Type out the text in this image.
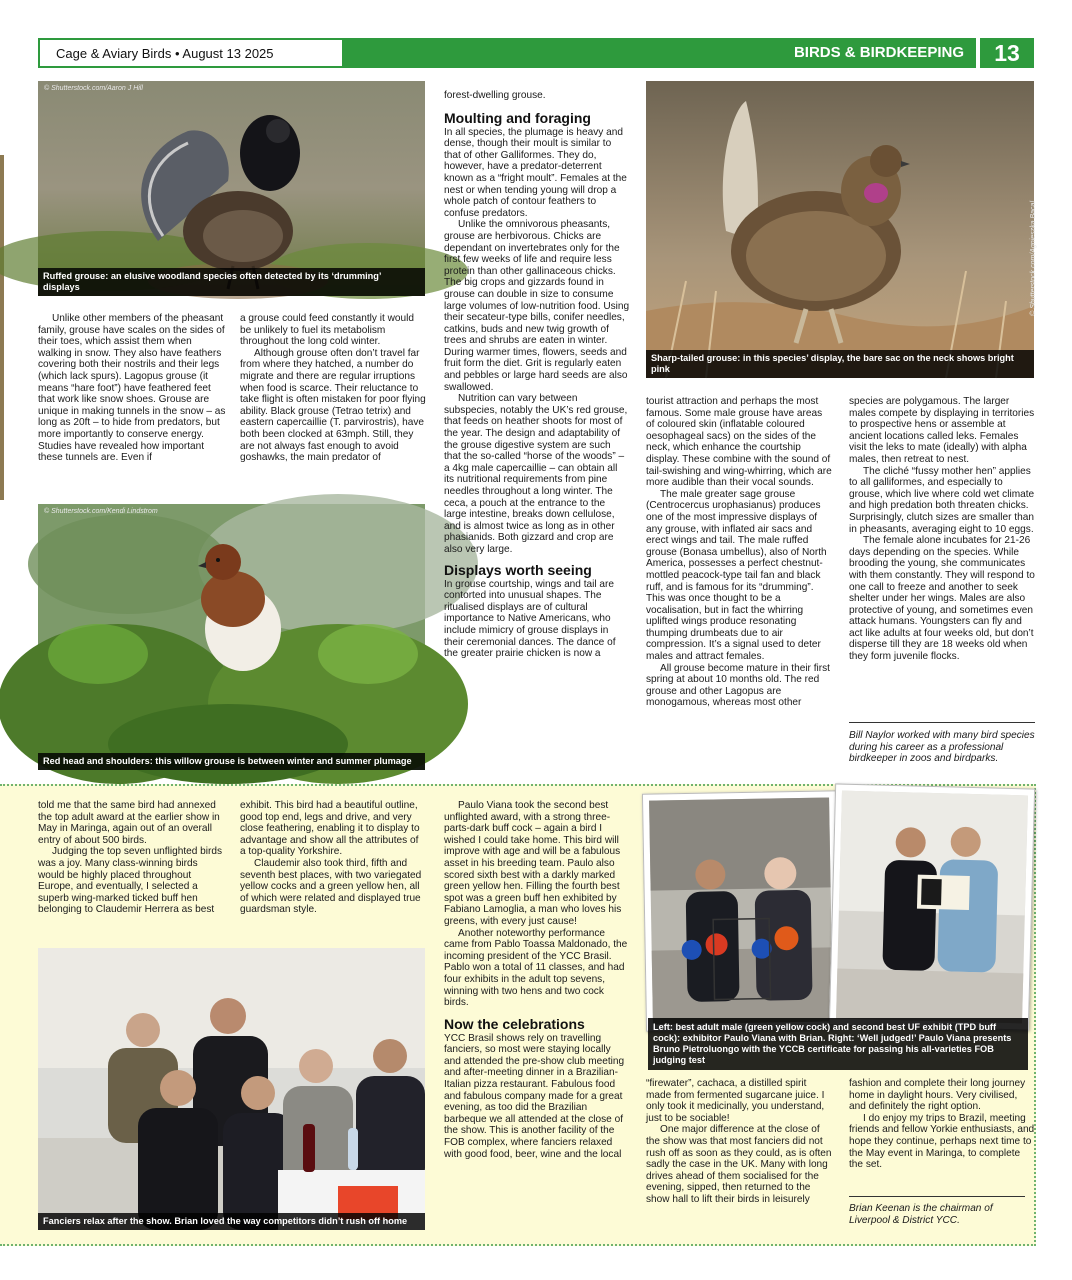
Cage & Aviary Birds • August 13 2025	BIRDS & BIRDKEEPING	13
© Shutterstock.com/Aaron J Hill
Ruffed grouse: an elusive woodland species often detected by its ‘drumming’ displays
© Shutterstock.com/Kendi Lindstrom
Red head and shoulders: this willow grouse is between winter and summer plumage
© Shutterstock.com/Agnieszka Bacal
Sharp-tailed grouse: in this species’ display, the bare sac on the neck shows bright pink

Unlike other members of the pheasant family, grouse have scales on the sides of their toes, which assist them when walking in snow. They also have feathers covering both their nostrils and their legs (which lack spurs). Lagopus grouse (it means “hare foot”) have feathered feet that work like snow shoes. Grouse are unique in making tunnels in the snow – as long as 20ft – to hide from predators, but more importantly to conserve energy. Studies have revealed how important these tunnels are. Even if

a grouse could feed constantly it would be unlikely to fuel its metabolism throughout the long cold winter.

Although grouse often don’t travel far from where they hatched, a number do migrate and there are regular irruptions when food is scarce. Their reluctance to take flight is often mistaken for poor flying ability. Black grouse (Tetrao tetrix) and eastern capercaillie (T. parvirostris), have both been clocked at 63mph. Still, they are not always fast enough to avoid goshawks, the main predator of

forest-dwelling grouse.

Moulting and foraging

In all species, the plumage is heavy and dense, though their moult is similar to that of other Galliformes. They do, however, have a predator-deterrent known as a “fright moult”. Females at the nest or when tending young will drop a whole patch of contour feathers to confuse predators.

Unlike the omnivorous pheasants, grouse are herbivorous. Chicks are dependant on invertebrates only for the first few weeks of life and require less protein than other gallinaceous chicks. The big crops and gizzards found in grouse can double in size to consume large volumes of low-nutrition food. Using their secateur-type bills, conifer needles, catkins, buds and new twig growth of trees and shrubs are eaten in winter. During warmer times, flowers, seeds and fruit form the diet. Grit is regularly eaten and pebbles or large hard seeds are also swallowed.

Nutrition can vary between subspecies, notably the UK’s red grouse, that feeds on heather shoots for most of the year. The design and adaptability of the grouse digestive system are such that the so-called “horse of the woods” – a 4kg male capercaillie – can obtain all its nutritional requirements from pine needles throughout a long winter. The ceca, a pouch at the entrance to the large intestine, breaks down cellulose, and is almost twice as long as in other phasianids. Both gizzard and crop are also very large.

Displays worth seeing

In grouse courtship, wings and tail are contorted into unusual shapes. The ritualised displays are of cultural importance to Native Americans, who include mimicry of grouse displays in their ceremonial dances. The dance of the greater prairie chicken is now a

tourist attraction and perhaps the most famous. Some male grouse have areas of coloured skin (inflatable coloured oesophageal sacs) on the sides of the neck, which enhance the courtship display. These combine with the sound of tail-swishing and wing-whirring, which are more audible than their vocal sounds.

The male greater sage grouse (Centrocercus urophasianus) produces one of the most impressive displays of any grouse, with inflated air sacs and erect wings and tail. The male ruffed grouse (Bonasa umbellus), also of North America, possesses a perfect chestnut-mottled peacock-type tail fan and black ruff, and is famous for its “drumming”. This was once thought to be a vocalisation, but in fact the whirring uplifted wings produce resonating thumping drumbeats due to air compression. It’s a signal used to deter males and attract females.

All grouse become mature in their first spring at about 10 months old. The red grouse and other Lagopus are monogamous, whereas most other

species are polygamous. The larger males compete by displaying in territories to prospective hens or assemble at ancient locations called leks. Females visit the leks to mate (ideally) with alpha males, then retreat to nest.

The cliché “fussy mother hen” applies to all galliformes, and especially to grouse, which live where cold wet climate and high predation both threaten chicks. Surprisingly, clutch sizes are smaller than in pheasants, averaging eight to 10 eggs.

The female alone incubates for 21-26 days depending on the species. While brooding the young, she communicates with them constantly. They will respond to one call to freeze and another to seek shelter under her wings. Males are also protective of young, and sometimes even attack humans. Youngsters can fly and act like adults at four weeks old, but don’t disperse till they are 18 weeks old when they form juvenile flocks.

Bill Naylor worked with many bird species during his career as a professional birdkeeper in zoos and birdparks.

told me that the same bird had annexed the top adult award at the earlier show in May in Maringa, again out of an overall entry of about 500 birds.

Judging the top seven unflighted birds was a joy. Many class-winning birds would be highly placed throughout Europe, and eventually, I selected a superb wing-marked ticked buff hen belonging to Claudemir Herrera as best

exhibit. This bird had a beautiful outline, good top end, legs and drive, and very close feathering, enabling it to display to advantage and show all the attributes of a top-quality Yorkshire.

Claudemir also took third, fifth and seventh best places, with two variegated yellow cocks and a green yellow hen, all of which were related and displayed true guardsman style.

Fanciers relax after the show. Brian loved the way competitors didn’t rush off home

Paulo Viana took the second best unflighted award, with a strong three-parts-dark buff cock – again a bird I wished I could take home. This bird will improve with age and will be a fabulous asset in his breeding team. Paulo also scored sixth best with a darkly marked green yellow hen. Filling the fourth best spot was a green buff hen exhibited by Fabiano Lamoglia, a man who loves his greens, with every just cause!

Another noteworthy performance came from Pablo Toassa Maldonado, the incoming president of the YCC Brasil. Pablo won a total of 11 classes, and had four exhibits in the adult top sevens, winning with two hens and two cock birds.

Now the celebrations

YCC Brasil shows rely on travelling fanciers, so most were staying locally and attended the pre-show club meeting and after-meeting dinner in a Brazilian-Italian pizza restaurant. Fabulous food and fabulous company made for a great evening, as too did the Brazilian barbeque we all attended at the close of the show. This is another facility of the FOB complex, where fanciers relaxed with good food, beer, wine and the local

Left: best adult male (green yellow cock) and second best UF exhibit (TPD buff cock): exhibitor Paulo Viana with Brian. Right: ‘Well judged!’ Paulo Viana presents Bruno Pietroluongo with the YCCB certificate for passing his all-varieties FOB judging test

“firewater”, cachaca, a distilled spirit made from fermented sugarcane juice. I only took it medicinally, you understand, just to be sociable!

One major difference at the close of the show was that most fanciers did not rush off as soon as they could, as is often sadly the case in the UK. Many with long drives ahead of them socialised for the evening, sipped, then returned to the show hall to lift their birds in leisurely

fashion and complete their long journey home in daylight hours. Very civilised, and definitely the right option.

I do enjoy my trips to Brazil, meeting friends and fellow Yorkie enthusiasts, and hope they continue, perhaps next time to the May event in Maringa, to complete the set.

Brian Keenan is the chairman of Liverpool & District YCC.
